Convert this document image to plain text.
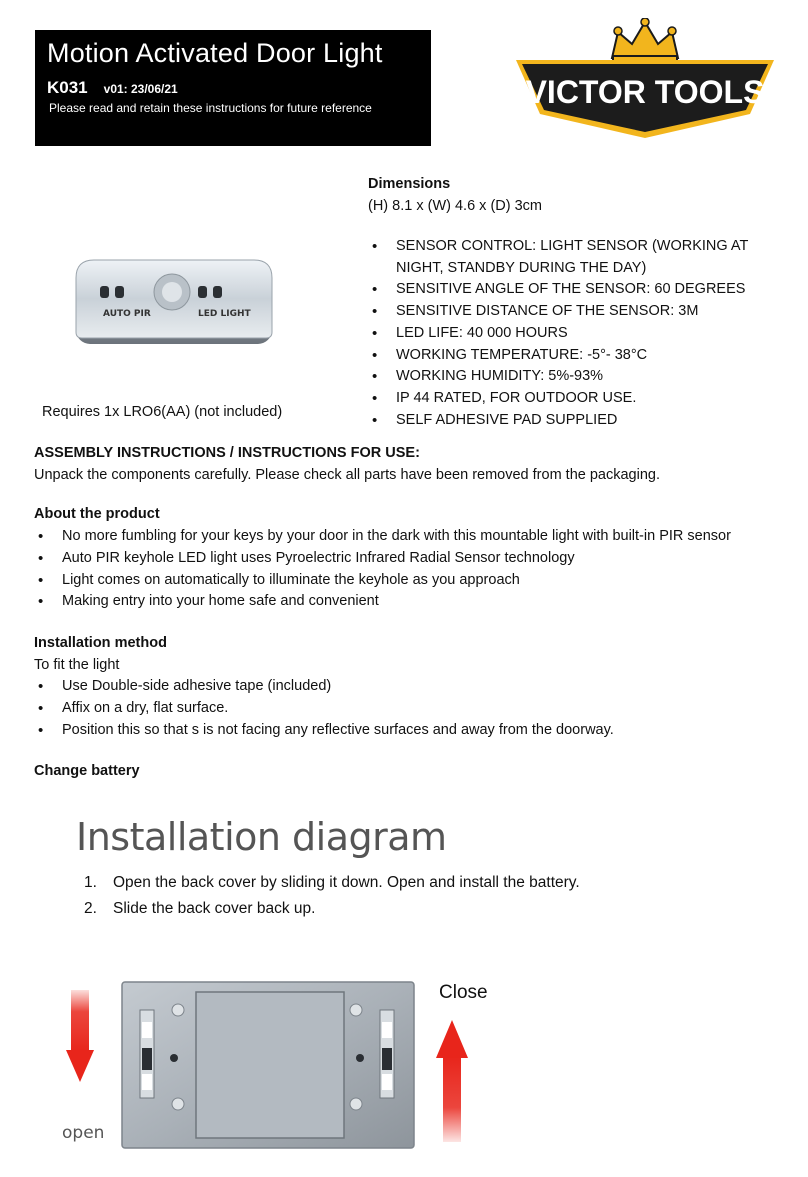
Motion Activated Door Light
K031 v01: 23/06/21
Please read and retain these instructions for future reference	VICTOR TOOLS
AUTO PIR	LED LIGHT
Requires 1x LRO6(AA) (not included)
Dimensions
(H) 8.1 x (W) 4.6 x (D) 3cm
• SENSOR CONTROL: LIGHT SENSOR (WORKING AT NIGHT, STANDBY DURING THE DAY)
• SENSITIVE ANGLE OF THE SENSOR: 60 DEGREES
• SENSITIVE DISTANCE OF THE SENSOR: 3M
• LED LIFE: 40 000 HOURS
• WORKING TEMPERATURE: -5°- 38°C
• WORKING HUMIDITY: 5%-93%
• IP 44 RATED, FOR OUTDOOR USE.
• SELF ADHESIVE PAD SUPPLIED
ASSEMBLY INSTRUCTIONS / INSTRUCTIONS FOR USE:
Unpack the components carefully. Please check all parts have been removed from the packaging.
About the product
• No more fumbling for your keys by your door in the dark with this mountable light with built-in PIR sensor
• Auto PIR keyhole LED light uses Pyroelectric Infrared Radial Sensor technology
• Light comes on automatically to illuminate the keyhole as you approach
• Making entry into your home safe and convenient
Installation method
To fit the light
• Use Double-side adhesive tape (included)
• Affix on a dry, flat surface.
• Position this so that s is not facing any reflective surfaces and away from the doorway.
Change battery
Installation diagram
1. Open the back cover by sliding it down. Open and install the battery.
2. Slide the back cover back up.
open
Close
